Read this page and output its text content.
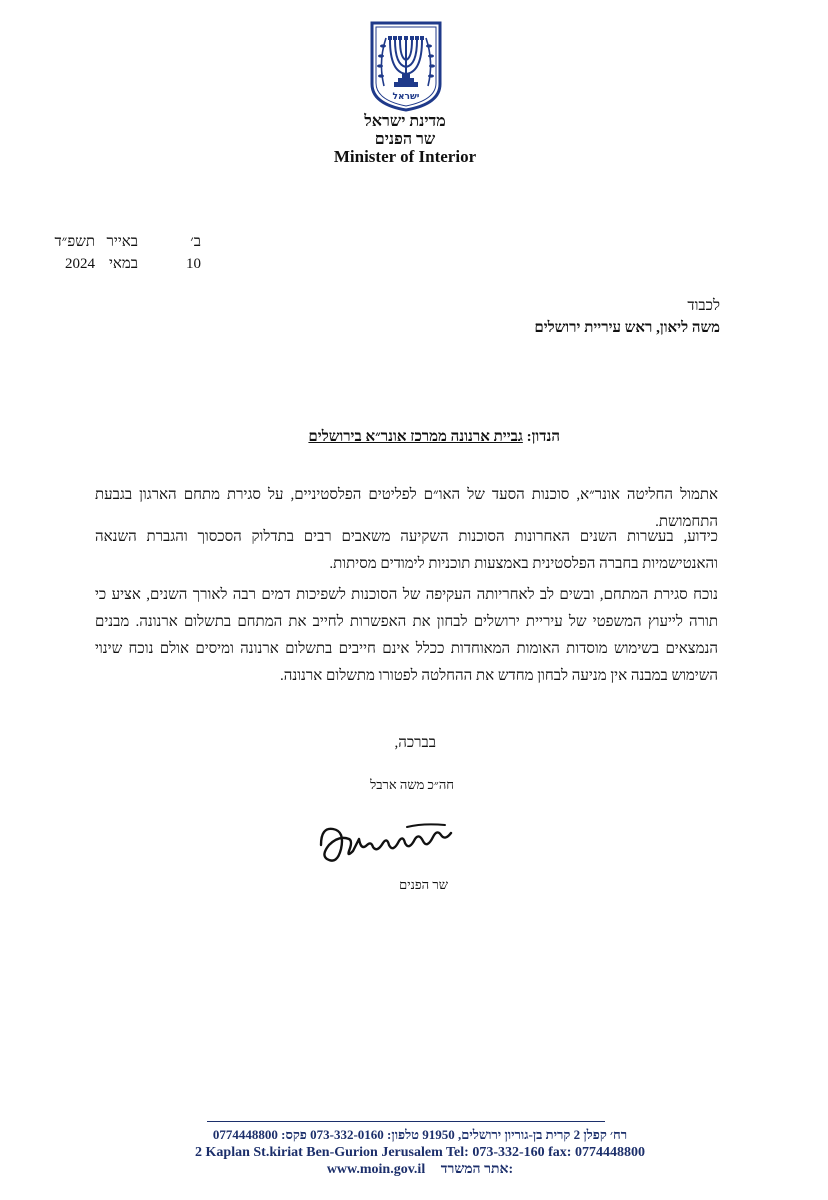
ישראל
מדינת ישראל
שר הפנים
Minister of Interior
ב׳
באייר
תשפ״ד
10
במאי
2024
לכבוד
משה ליאון, ראש עיריית ירושלים
הנדון: גביית ארנונה ממרכז אונר״א בירושלים

אתמול החליטה אונר״א, סוכנות הסעד של האו״ם לפליטים הפלסטיניים, על סגירת מתחם הארגון בגבעת התחמושת.

כידוע, בעשרות השנים האחרונות הסוכנות השקיעה משאבים רבים בתדלוק הסכסוך והגברת השנאה והאנטישמיות בחברה הפלסטינית באמצעות תוכניות לימודים מסיתות.

נוכח סגירת המתחם, ובשים לב לאחריותה העקיפה של הסוכנות לשפיכות דמים רבה לאורך השנים, אציע כי תורה לייעוץ המשפטי של עיריית ירושלים לבחון את האפשרות לחייב את המתחם בתשלום ארנונה. מבנים הנמצאים בשימוש מוסדות האומות המאוחדות ככלל אינם חייבים בתשלום ארנונה ומיסים אולם נוכח שינוי השימוש במבנה אין מניעה לבחון מחדש את ההחלטה לפטורו מתשלום ארנונה.

בברכה,
חה״כ משה ארבל
שר הפנים
רח׳ קפלן 2 קרית בן-גוריון ירושלים, 91950 טלפון: 073-332-0160 פקס: 0774448800
2 Kaplan St.kiriat Ben-Gurion Jerusalem Tel: 073-332-160 fax: 0774448800
www.moin.gov.il אתר המשרד:
